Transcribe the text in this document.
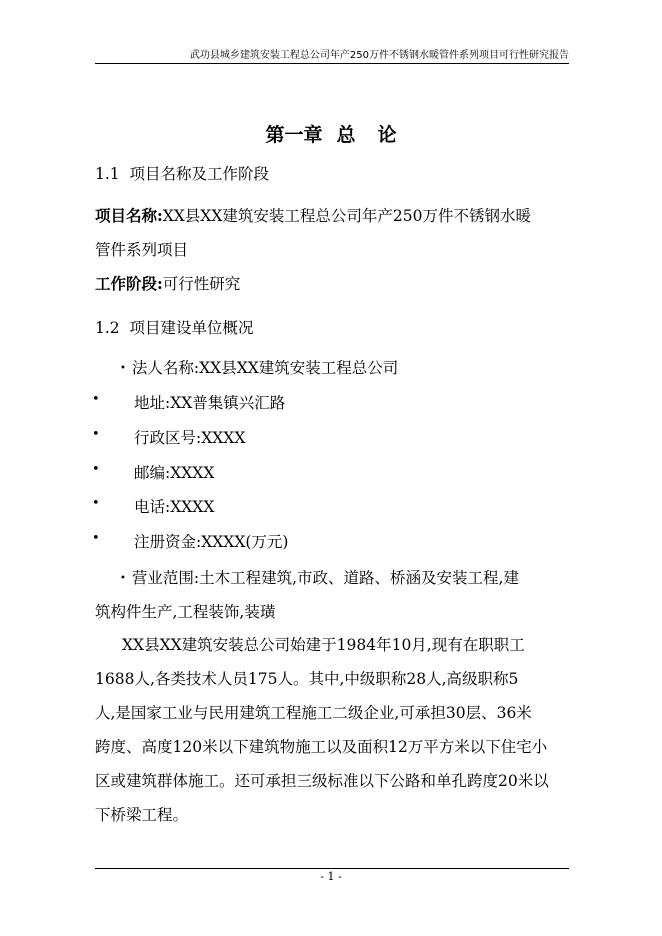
武功县城乡建筑安装工程总公司年产250万件不锈钢水暖管件系列项目可行性研究报告
第一章 总 论
1.1 项目名称及工作阶段
项目名称:XX县XX建筑安装工程总公司年产250万件不锈钢水暖
管件系列项目
工作阶段:可行性研究
1.2 项目建设单位概况
• 法人名称:XX县XX建筑安装工程总公司
• 地址:XX普集镇兴汇路
• 行政区号:XXXX
• 邮编:XXXX
• 电话:XXXX
• 注册资金:XXXX(万元)
• 营业范围:土木工程建筑,市政、道路、桥涵及安装工程,建
筑构件生产,工程装饰,装璜
XX县XX建筑安装总公司始建于1984年10月,现有在职职工
1688人,各类技术人员175人。其中,中级职称28人,高级职称5
人,是国家工业与民用建筑工程施工二级企业,可承担30层、36米
跨度、高度120米以下建筑物施工以及面积12万平方米以下住宅小
区或建筑群体施工。还可承担三级标准以下公路和单孔跨度20米以
下桥梁工程。
- 1 -
